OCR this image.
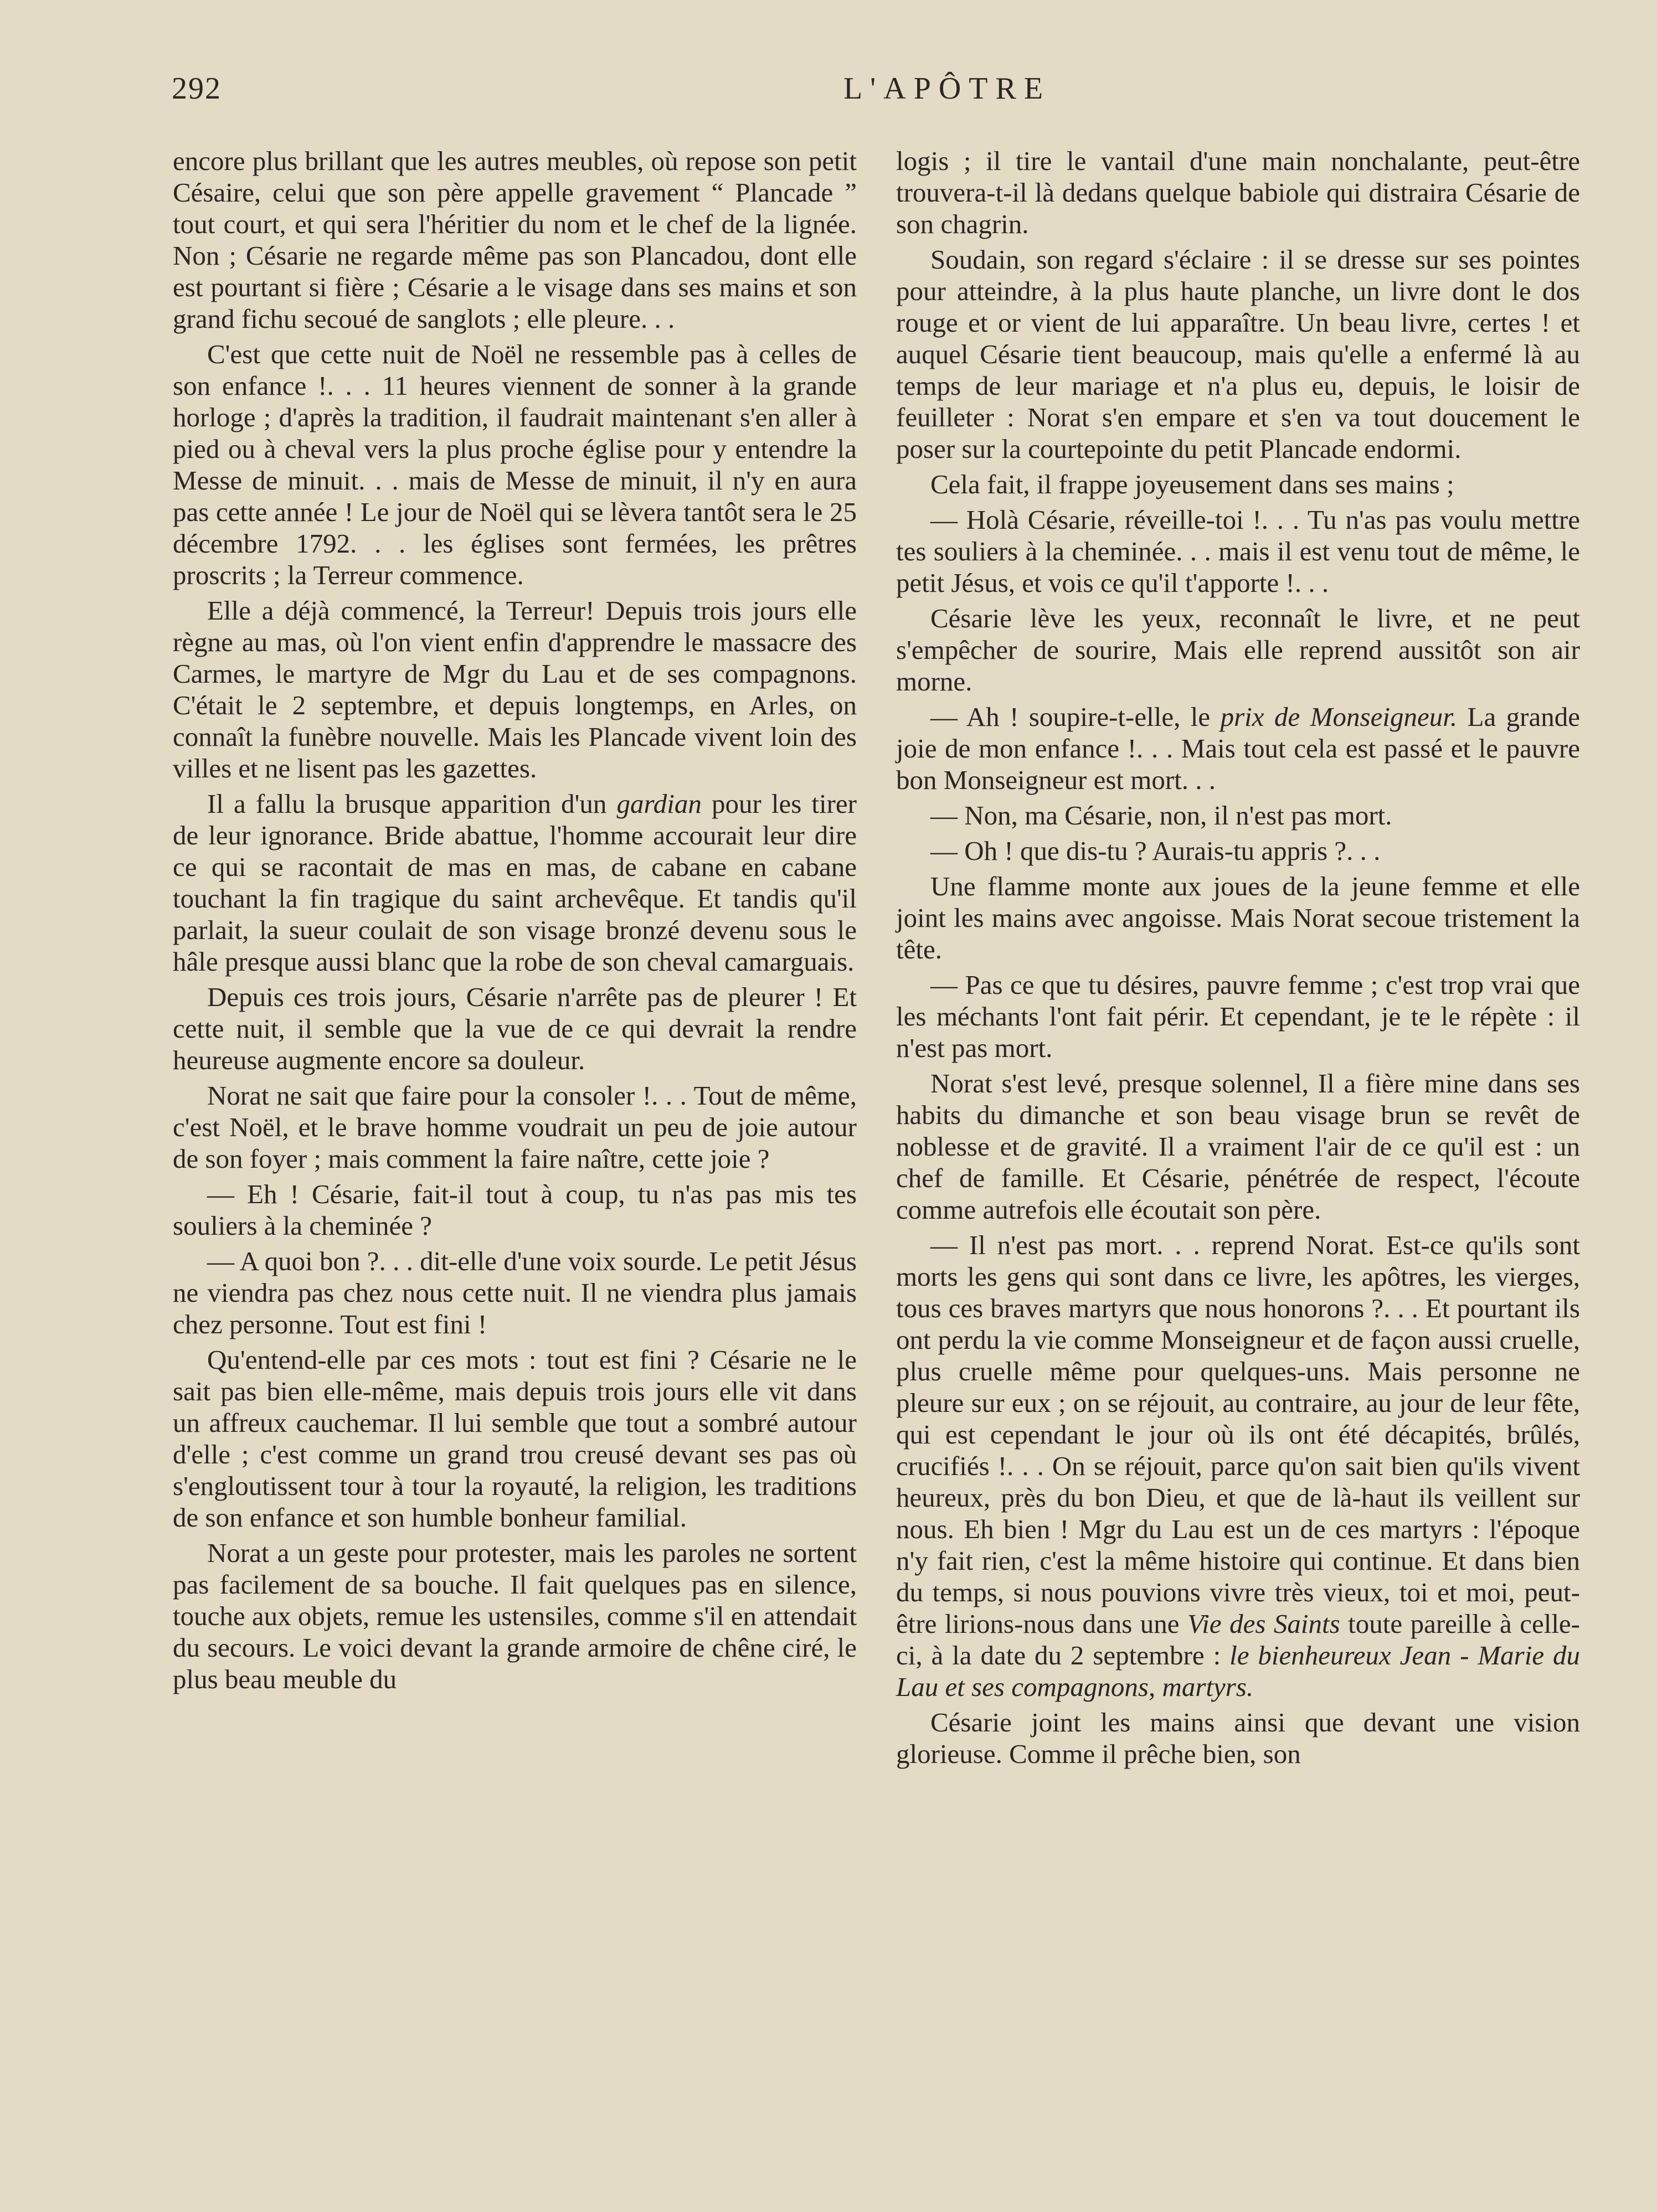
292	L'APÔTRE

encore plus brillant que les autres meubles, où repose son petit Césaire, celui que son père appelle gravement “ Plancade ” tout court, et qui sera l'héritier du nom et le chef de la lignée. Non ; Césarie ne regarde même pas son Plancadou, dont elle est pourtant si fière ; Césarie a le visage dans ses mains et son grand fichu secoué de sanglots ; elle pleure. . .

C'est que cette nuit de Noël ne ressemble pas à celles de son enfance !. . . 11 heures viennent de sonner à la grande horloge ; d'après la tradition, il faudrait maintenant s'en aller à pied ou à cheval vers la plus proche église pour y entendre la Messe de minuit. . . mais de Messe de minuit, il n'y en aura pas cette année ! Le jour de Noël qui se lèvera tantôt sera le 25 décembre 1792. . . les églises sont fermées, les prêtres proscrits ; la Terreur commence.

Elle a déjà commencé, la Terreur! Depuis trois jours elle règne au mas, où l'on vient enfin d'apprendre le massacre des Carmes, le martyre de Mgr du Lau et de ses compagnons. C'était le 2 septembre, et depuis longtemps, en Arles, on connaît la funèbre nouvelle. Mais les Plancade vivent loin des villes et ne lisent pas les gazettes.

Il a fallu la brusque apparition d'un gardian pour les tirer de leur ignorance. Bride abattue, l'homme accourait leur dire ce qui se racontait de mas en mas, de cabane en cabane touchant la fin tragique du saint archevêque. Et tandis qu'il parlait, la sueur coulait de son visage bronzé devenu sous le hâle presque aussi blanc que la robe de son cheval camarguais.

Depuis ces trois jours, Césarie n'arrête pas de pleurer ! Et cette nuit, il semble que la vue de ce qui devrait la rendre heureuse augmente encore sa douleur.

Norat ne sait que faire pour la consoler !. . . Tout de même, c'est Noël, et le brave homme voudrait un peu de joie autour de son foyer ; mais comment la faire naître, cette joie ?

— Eh ! Césarie, fait-il tout à coup, tu n'as pas mis tes souliers à la cheminée ?

— A quoi bon ?. . . dit-elle d'une voix sourde. Le petit Jésus ne viendra pas chez nous cette nuit. Il ne viendra plus jamais chez personne. Tout est fini !

Qu'entend-elle par ces mots : tout est fini ? Césarie ne le sait pas bien elle-même, mais depuis trois jours elle vit dans un affreux cauchemar. Il lui semble que tout a sombré autour d'elle ; c'est comme un grand trou creusé devant ses pas où s'engloutissent tour à tour la royauté, la religion, les traditions de son enfance et son humble bonheur familial.

Norat a un geste pour protester, mais les paroles ne sortent pas facilement de sa bouche. Il fait quelques pas en silence, touche aux objets, remue les ustensiles, comme s'il en attendait du secours. Le voici devant la grande armoire de chêne ciré, le plus beau meuble du

logis ; il tire le vantail d'une main nonchalante, peut-être trouvera-t-il là dedans quelque babiole qui distraira Césarie de son chagrin.

Soudain, son regard s'éclaire : il se dresse sur ses pointes pour atteindre, à la plus haute planche, un livre dont le dos rouge et or vient de lui apparaître. Un beau livre, certes ! et auquel Césarie tient beaucoup, mais qu'elle a enfermé là au temps de leur mariage et n'a plus eu, depuis, le loisir de feuilleter : Norat s'en empare et s'en va tout doucement le poser sur la courtepointe du petit Plancade endormi.

Cela fait, il frappe joyeusement dans ses mains ;

— Holà Césarie, réveille-toi !. . . Tu n'as pas voulu mettre tes souliers à la cheminée. . . mais il est venu tout de même, le petit Jésus, et vois ce qu'il t'apporte !. . .

Césarie lève les yeux, reconnaît le livre, et ne peut s'empêcher de sourire, Mais elle reprend aussitôt son air morne.

— Ah ! soupire-t-elle, le prix de Monseigneur. La grande joie de mon enfance !. . . Mais tout cela est passé et le pauvre bon Monseigneur est mort. . .

— Non, ma Césarie, non, il n'est pas mort.

— Oh ! que dis-tu ? Aurais-tu appris ?. . .

Une flamme monte aux joues de la jeune femme et elle joint les mains avec angoisse. Mais Norat secoue tristement la tête.

— Pas ce que tu désires, pauvre femme ; c'est trop vrai que les méchants l'ont fait périr. Et cependant, je te le répète : il n'est pas mort.

Norat s'est levé, presque solennel, Il a fière mine dans ses habits du dimanche et son beau visage brun se revêt de noblesse et de gravité. Il a vraiment l'air de ce qu'il est : un chef de famille. Et Césarie, pénétrée de respect, l'écoute comme autrefois elle écoutait son père.

— Il n'est pas mort. . . reprend Norat. Est-ce qu'ils sont morts les gens qui sont dans ce livre, les apôtres, les vierges, tous ces braves martyrs que nous honorons ?. . . Et pourtant ils ont perdu la vie comme Monseigneur et de façon aussi cruelle, plus cruelle même pour quelques-uns. Mais personne ne pleure sur eux ; on se réjouit, au contraire, au jour de leur fête, qui est cependant le jour où ils ont été décapités, brûlés, crucifiés !. . . On se réjouit, parce qu'on sait bien qu'ils vivent heureux, près du bon Dieu, et que de là-haut ils veillent sur nous. Eh bien ! Mgr du Lau est un de ces martyrs : l'époque n'y fait rien, c'est la même histoire qui continue. Et dans bien du temps, si nous pouvions vivre très vieux, toi et moi, peut-être lirions-nous dans une Vie des Saints toute pareille à celle-ci, à la date du 2 septembre : le bienheureux Jean - Marie du Lau et ses compagnons, martyrs.

Césarie joint les mains ainsi que devant une vision glorieuse. Comme il prêche bien, son
